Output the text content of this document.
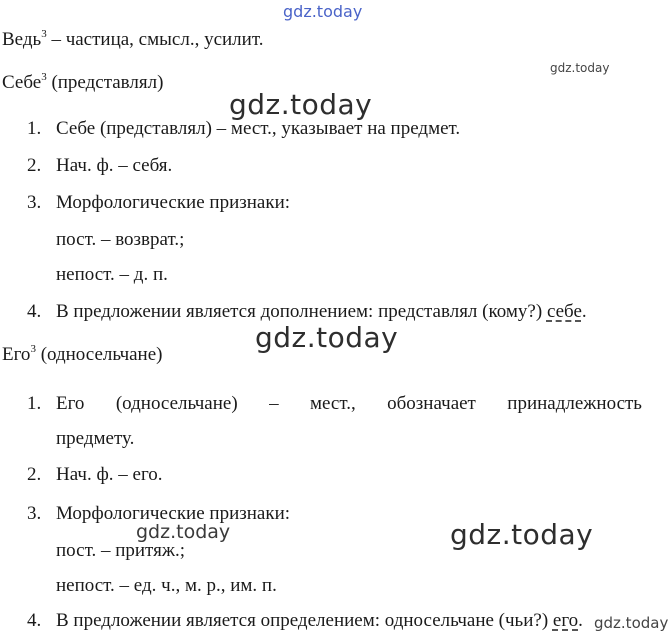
gdz.today
gdz.today
gdz.today
gdz.today
gdz.today
gdz.today
gdz.today
Ведь$^3$ – частица, смысл., усилит.
Себе$^3$ (представлял)
1. Себе (представлял) – мест., указывает на предмет.
2. Нач. ф. – себя.
3. Морфологические признаки:
пост. – возврат.;
непост. – д. п.
4. В предложении является дополнением: представлял (кому?) себе.
Его$^3$ (односельчане)
1. Его (односельчане) – мест., обозначает принадлежность
предмету.
2. Нач. ф. – его.
3. Морфологические признаки:
пост. – притяж.;
непост. – ед. ч., м. р., им. п.
4. В предложении является определением: односельчане (чьи?) его.
